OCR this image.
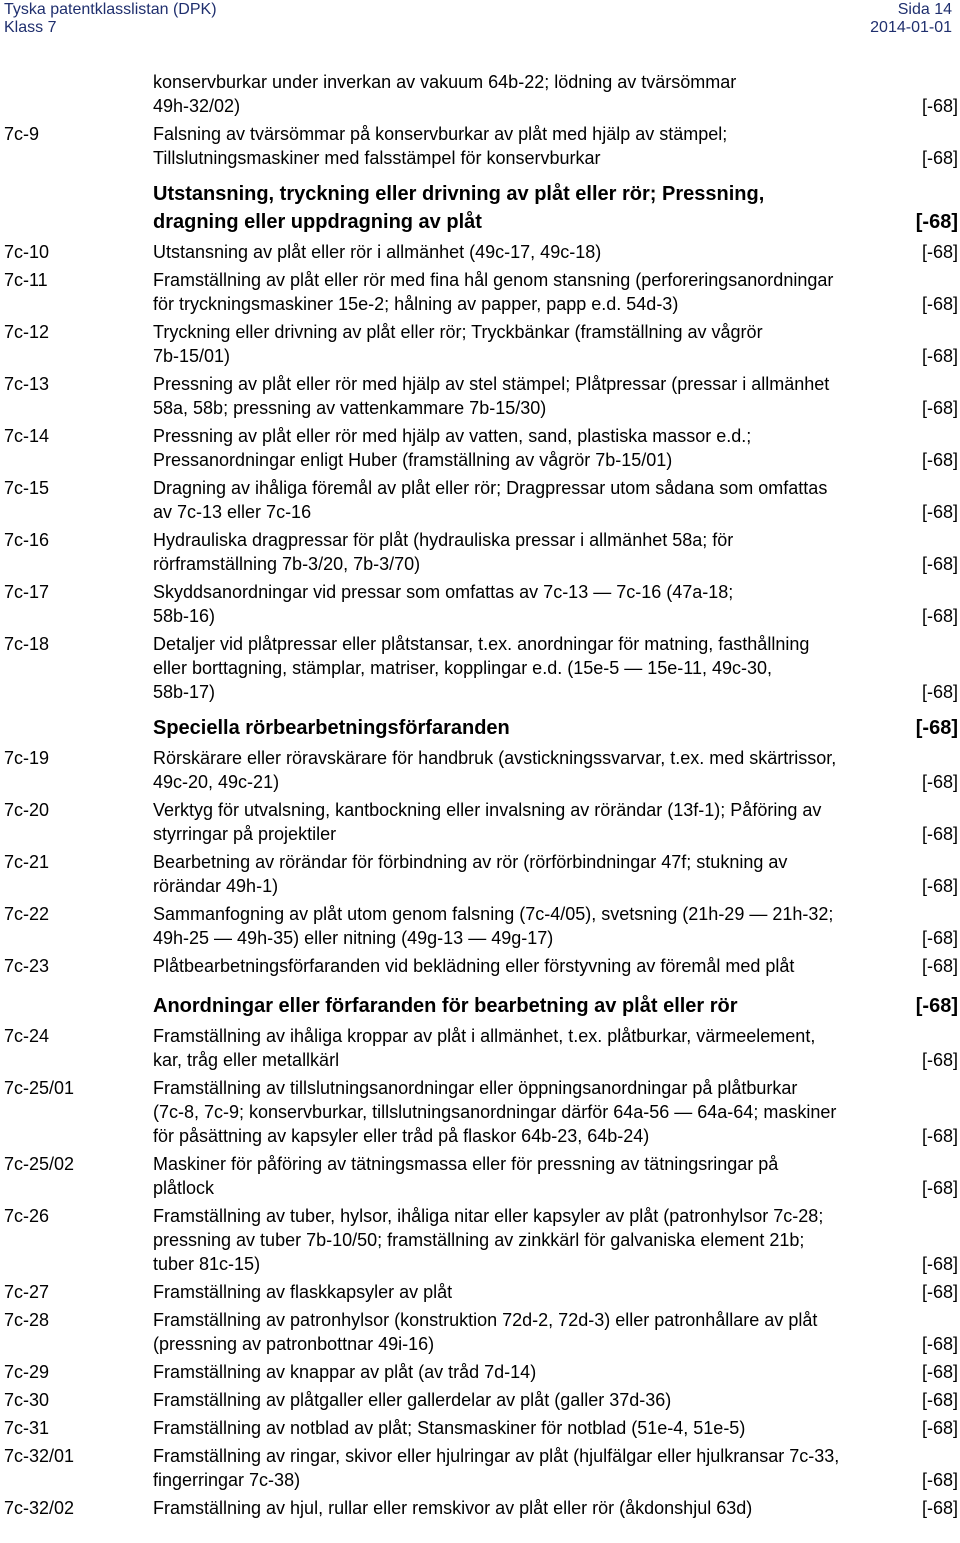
Tyska patentklasslistan (DPK)	Sida 14
Klass 7	2014-01-01
konservburkar under inverkan av vakuum 64b-22; lödning av tvärsömmar
49h-32/02)	[-68]
7c-9	Falsning av tvärsömmar på konservburkar av plåt med hjälp av stämpel;
Tillslutningsmaskiner med falsstämpel för konservburkar	[-68]
Utstansning, tryckning eller drivning av plåt eller rör; Pressning,
dragning eller uppdragning av plåt	[-68]
7c-10	Utstansning av plåt eller rör i allmänhet (49c-17, 49c-18)	[-68]
7c-11	Framställning av plåt eller rör med fina hål genom stansning (perforeringsanordningar
för tryckningsmaskiner 15e-2; hålning av papper, papp e.d. 54d-3)	[-68]
7c-12	Tryckning eller drivning av plåt eller rör; Tryckbänkar (framställning av vågrör
7b-15/01)	[-68]
7c-13	Pressning av plåt eller rör med hjälp av stel stämpel; Plåtpressar (pressar i allmänhet
58a, 58b; pressning av vattenkammare 7b-15/30)	[-68]
7c-14	Pressning av plåt eller rör med hjälp av vatten, sand, plastiska massor e.d.;
Pressanordningar enligt Huber (framställning av vågrör 7b-15/01)	[-68]
7c-15	Dragning av ihåliga föremål av plåt eller rör; Dragpressar utom sådana som omfattas
av 7c-13 eller 7c-16	[-68]
7c-16	Hydrauliska dragpressar för plåt (hydrauliska pressar i allmänhet 58a; för
rörframställning 7b-3/20, 7b-3/70)	[-68]
7c-17	Skyddsanordningar vid pressar som omfattas av 7c-13 — 7c-16 (47a-18;
58b-16)	[-68]
7c-18	Detaljer vid plåtpressar eller plåtstansar, t.ex. anordningar för matning, fasthållning
eller borttagning, stämplar, matriser, kopplingar e.d. (15e-5 — 15e-11, 49c-30,
58b-17)	[-68]
Speciella rörbearbetningsförfaranden	[-68]
7c-19	Rörskärare eller röravskärare för handbruk (avstickningssvarvar, t.ex. med skärtrissor,
49c-20, 49c-21)	[-68]
7c-20	Verktyg för utvalsning, kantbockning eller invalsning av rörändar (13f-1); Påföring av
styrringar på projektiler	[-68]
7c-21	Bearbetning av rörändar för förbindning av rör (rörförbindningar 47f; stukning av
rörändar 49h-1)	[-68]
7c-22	Sammanfogning av plåt utom genom falsning (7c-4/05), svetsning (21h-29 — 21h-32;
49h-25 — 49h-35) eller nitning (49g-13 — 49g-17)	[-68]
7c-23	Plåtbearbetningsförfaranden vid beklädning eller förstyvning av föremål med plåt	[-68]
Anordningar eller förfaranden för bearbetning av plåt eller rör	[-68]
7c-24	Framställning av ihåliga kroppar av plåt i allmänhet, t.ex. plåtburkar, värmeelement,
kar, tråg eller metallkärl	[-68]
7c-25/01	Framställning av tillslutningsanordningar eller öppningsanordningar på plåtburkar
(7c-8, 7c-9; konservburkar, tillslutningsanordningar därför 64a-56 — 64a-64; maskiner
för påsättning av kapsyler eller tråd på flaskor 64b-23, 64b-24)	[-68]
7c-25/02	Maskiner för påföring av tätningsmassa eller för pressning av tätningsringar på
plåtlock	[-68]
7c-26	Framställning av tuber, hylsor, ihåliga nitar eller kapsyler av plåt (patronhylsor 7c-28;
pressning av tuber 7b-10/50; framställning av zinkkärl för galvaniska element 21b;
tuber 81c-15)	[-68]
7c-27	Framställning av flaskkapsyler av plåt	[-68]
7c-28	Framställning av patronhylsor (konstruktion 72d-2, 72d-3) eller patronhållare av plåt
(pressning av patronbottnar 49i-16)	[-68]
7c-29	Framställning av knappar av plåt (av tråd 7d-14)	[-68]
7c-30	Framställning av plåtgaller eller gallerdelar av plåt (galler 37d-36)	[-68]
7c-31	Framställning av notblad av plåt; Stansmaskiner för notblad (51e-4, 51e-5)	[-68]
7c-32/01	Framställning av ringar, skivor eller hjulringar av plåt (hjulfälgar eller hjulkransar 7c-33,
fingerringar 7c-38)	[-68]
7c-32/02	Framställning av hjul, rullar eller remskivor av plåt eller rör (åkdonshjul 63d)	[-68]
